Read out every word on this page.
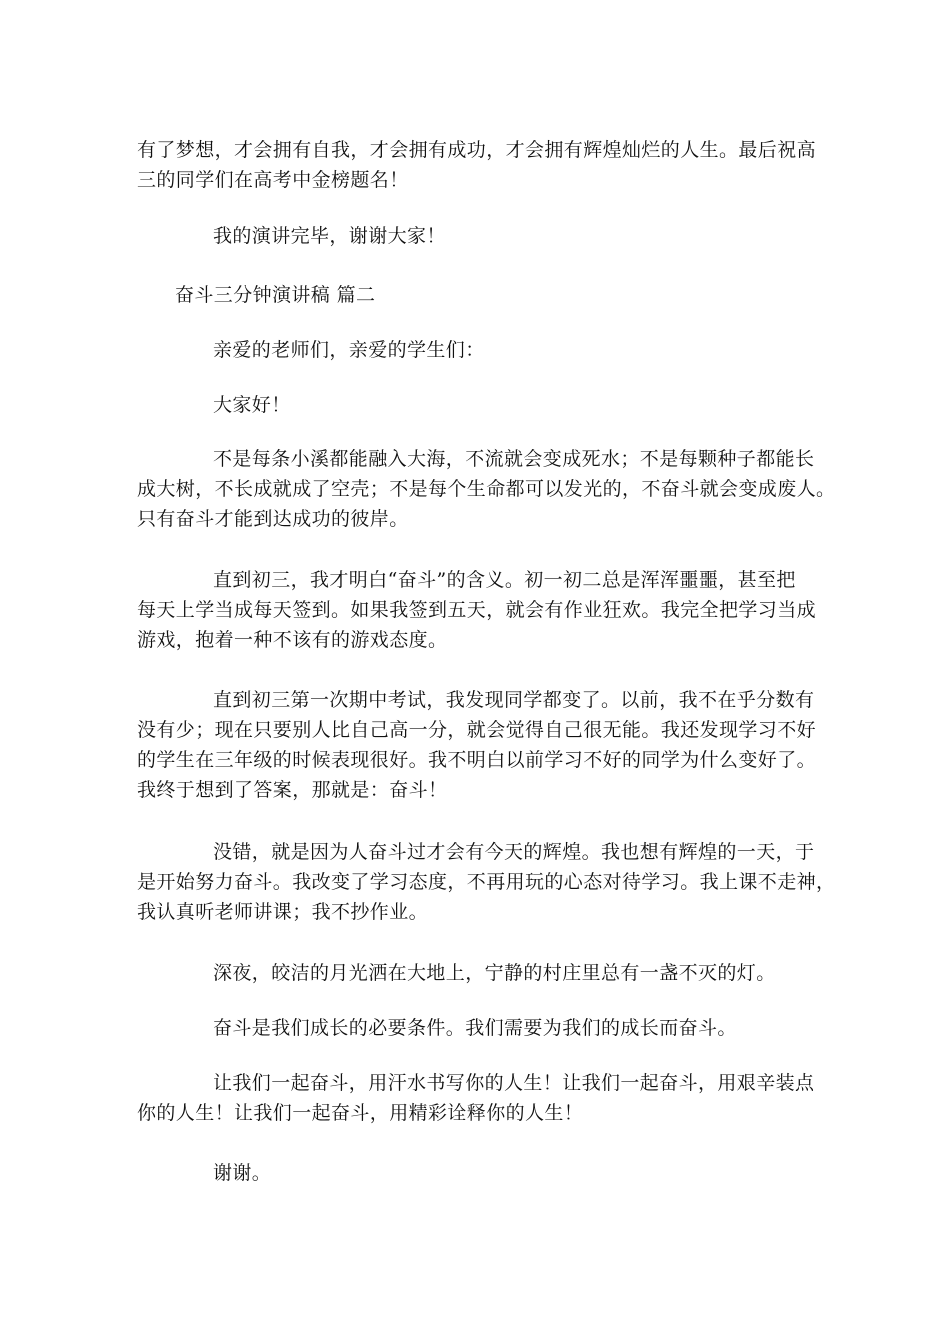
有了梦想，才会拥有自我，才会拥有成功，才会拥有辉煌灿烂的人生。最后祝高
三的同学们在高考中金榜题名！

我的演讲完毕，谢谢大家！

奋斗三分钟演讲稿 篇二

亲爱的老师们，亲爱的学生们：

大家好！

不是每条小溪都能融入大海，不流就会变成死水；不是每颗种子都能长
成大树，不长成就成了空壳；不是每个生命都可以发光的，不奋斗就会变成废人。
只有奋斗才能到达成功的彼岸。

直到初三，我才明白“奋斗”的含义。初一初二总是浑浑噩噩，甚至把
每天上学当成每天签到。如果我签到五天，就会有作业狂欢。我完全把学习当成
游戏，抱着一种不该有的游戏态度。

直到初三第一次期中考试，我发现同学都变了。以前，我不在乎分数有
没有少；现在只要别人比自己高一分，就会觉得自己很无能。我还发现学习不好
的学生在三年级的时候表现很好。我不明白以前学习不好的同学为什么变好了。
我终于想到了答案，那就是：奋斗！

没错，就是因为人奋斗过才会有今天的辉煌。我也想有辉煌的一天，于
是开始努力奋斗。我改变了学习态度，不再用玩的心态对待学习。我上课不走神，
我认真听老师讲课；我不抄作业。

深夜，皎洁的月光洒在大地上，宁静的村庄里总有一盏不灭的灯。

奋斗是我们成长的必要条件。我们需要为我们的成长而奋斗。

让我们一起奋斗，用汗水书写你的人生！让我们一起奋斗，用艰辛装点
你的人生！让我们一起奋斗，用精彩诠释你的人生！

谢谢。
